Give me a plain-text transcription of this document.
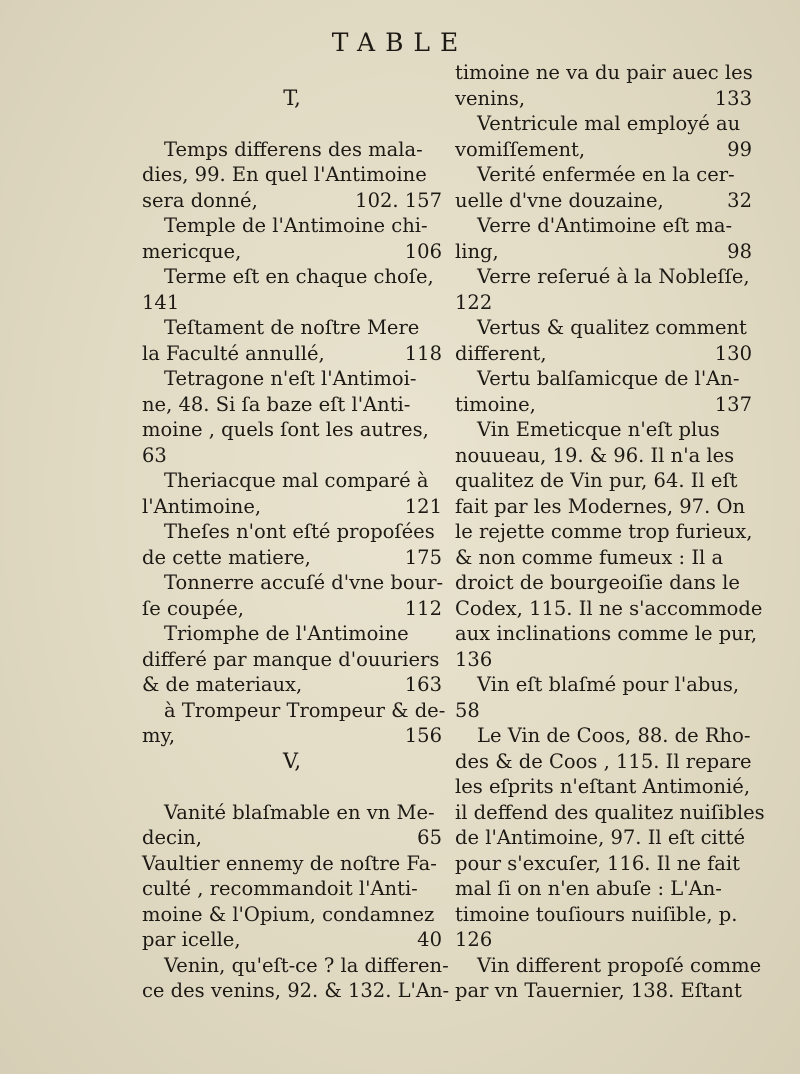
TABLE
T,
Temps differens des mala-
dies, 99. En quel l'Antimoine
sera donné,	102. 157
Temple de l'Antimoine chi-
mericque,	106
Terme eſt en chaque choſe,
141
Teſtament de noſtre Mere
la Faculté annullé,	118
Tetragone n'eſt l'Antimoi-
ne, 48. Si ſa baze eſt l'Anti-
moine , quels ſont les autres,
63
Theriacque mal comparé à
l'Antimoine,	121
Theſes n'ont eſté propoſées
de cette matiere,	175
Tonnerre accuſé d'vne bour-
ſe coupée,	112
Triomphe de l'Antimoine
differé par manque d'ouuriers
& de materiaux,	163
à Trompeur Trompeur & de-
my,	156
V,
Vanité blaſmable en vn Me-
decin,	65
Vaultier ennemy de noſtre Fa-
culté , recommandoit l'Anti-
moine & l'Opium, condamnez
par icelle,	40
Venin, qu'eſt-ce ? la differen-
ce des venins, 92. & 132. L'An-
timoine ne va du pair auec les
venins,	133
Ventricule mal employé au
vomiſſement,	99
Verité enfermée en la cer-
uelle d'vne douzaine,	32
Verre d'Antimoine eſt ma-
ling,	98
Verre reſerué à la Nobleſſe,
122
Vertus & qualitez comment
different,	130
Vertu balſamicque de l'An-
timoine,	137
Vin Emeticque n'eſt plus
nouueau, 19. & 96. Il n'a les
qualitez de Vin pur, 64. Il eſt
fait par les Modernes, 97. On
le rejette comme trop furieux,
& non comme fumeux : Il a
droict de bourgeoiſie dans le
Codex, 115. Il ne s'accommode
aux inclinations comme le pur,
136
Vin eſt blaſmé pour l'abus,
58
Le Vin de Coos, 88. de Rho-
des & de Coos , 115. Il repare
les eſprits n'eſtant Antimonié,
il deffend des qualitez nuiſibles
de l'Antimoine, 97. Il eſt citté
pour s'excuſer, 116. Il ne fait
mal ſi on n'en abuſe : L'An-
timoine touſiours nuiſible, p.
126
Vin different propoſé comme
par vn Tauernier, 138. Eſtant
